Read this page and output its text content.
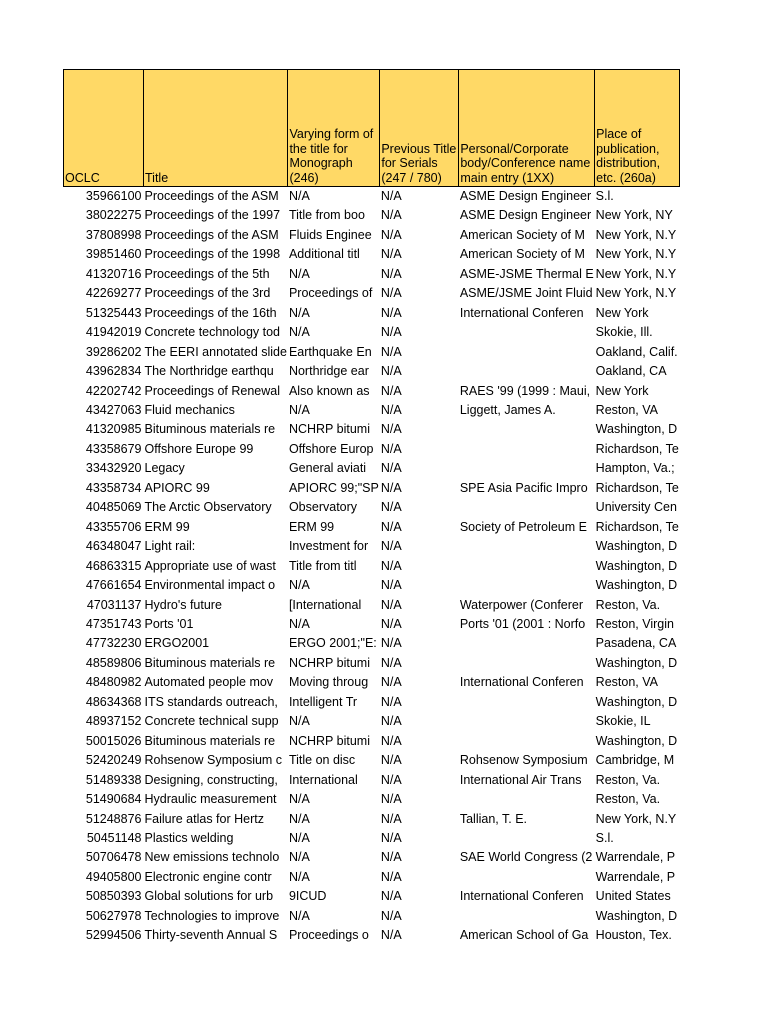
OCLC	Title	Varying form of the title for Monograph (246)	Previous Title for Serials (247 / 780)	Personal/Corporate body/Conference name main entry (1XX)	Place of publication, distribution, etc. (260a)
35966100	Proceedings of the ASM	N/A	N/A	ASME Design Engineer	S.l.
38022275	Proceedings of the 1997	Title from boo	N/A	ASME Design Engineer	New York, NY
37808998	Proceedings of the ASM	Fluids Enginee	N/A	American Society of M	New York, N.Y
39851460	Proceedings of the 1998	Additional titl	N/A	American Society of M	New York, N.Y
41320716	Proceedings of the 5th	N/A	N/A	ASME-JSME Thermal E	New York, N.Y
42269277	Proceedings of the 3rd	Proceedings of	N/A	ASME/JSME Joint Fluid	New York, N.Y
51325443	Proceedings of the 16th	N/A	N/A	International Conferen	New York
41942019	Concrete technology tod	N/A	N/A		Skokie, Ill.
39286202	The EERI annotated slide	Earthquake En	N/A		Oakland, Calif.
43962834	The Northridge earthqu	Northridge ear	N/A		Oakland, CA
42202742	Proceedings of Renewal	Also known as	N/A	RAES '99 (1999 : Maui,	New York
43427063	Fluid mechanics	N/A	N/A	Liggett, James A.	Reston, VA
41320985	Bituminous materials re	NCHRP bitumi	N/A		Washington, D
43358679	Offshore Europe 99	Offshore Europ	N/A		Richardson, Te
33432920	Legacy	General aviati	N/A		Hampton, Va.;
43358734	APIORC 99	APIORC 99;"SP	N/A	SPE Asia Pacific Impro	Richardson, Te
40485069	The Arctic Observatory	Observatory	N/A		University Cen
43355706	ERM 99	ERM 99	N/A	Society of Petroleum E	Richardson, Te
46348047	Light rail:	Investment for	N/A		Washington, D
46863315	Appropriate use of wast	Title from titl	N/A		Washington, D
47661654	Environmental impact o	N/A	N/A		Washington, D
47031137	Hydro's future	[International	N/A	Waterpower (Conferer	Reston, Va.
47351743	Ports '01	N/A	N/A	Ports '01 (2001 : Norfo	Reston, Virgin
47732230	ERGO2001	ERGO 2001;"E:	N/A		Pasadena, CA
48589806	Bituminous materials re	NCHRP bitumi	N/A		Washington, D
48480982	Automated people mov	Moving throug	N/A	International Conferen	Reston, VA
48634368	ITS standards outreach,	Intelligent Tr	N/A		Washington, D
48937152	Concrete technical supp	N/A	N/A		Skokie, IL
50015026	Bituminous materials re	NCHRP bitumi	N/A		Washington, D
52420249	Rohsenow Symposium c	Title on disc	N/A	Rohsenow Symposium	Cambridge, M
51489338	Designing, constructing,	International	N/A	International Air Trans	Reston, Va.
51490684	Hydraulic measurement	N/A	N/A		Reston, Va.
51248876	Failure atlas for Hertz	N/A	N/A	Tallian, T. E.	New York, N.Y
50451148	Plastics welding	N/A	N/A		S.l.
50706478	New emissions technolo	N/A	N/A	SAE World Congress (2	Warrendale, P
49405800	Electronic engine contr	N/A	N/A		Warrendale, P
50850393	Global solutions for urb	9ICUD	N/A	International Conferen	United States
50627978	Technologies to improve	N/A	N/A		Washington, D
52994506	Thirty-seventh Annual S	Proceedings o	N/A	American School of Ga	Houston, Tex.
